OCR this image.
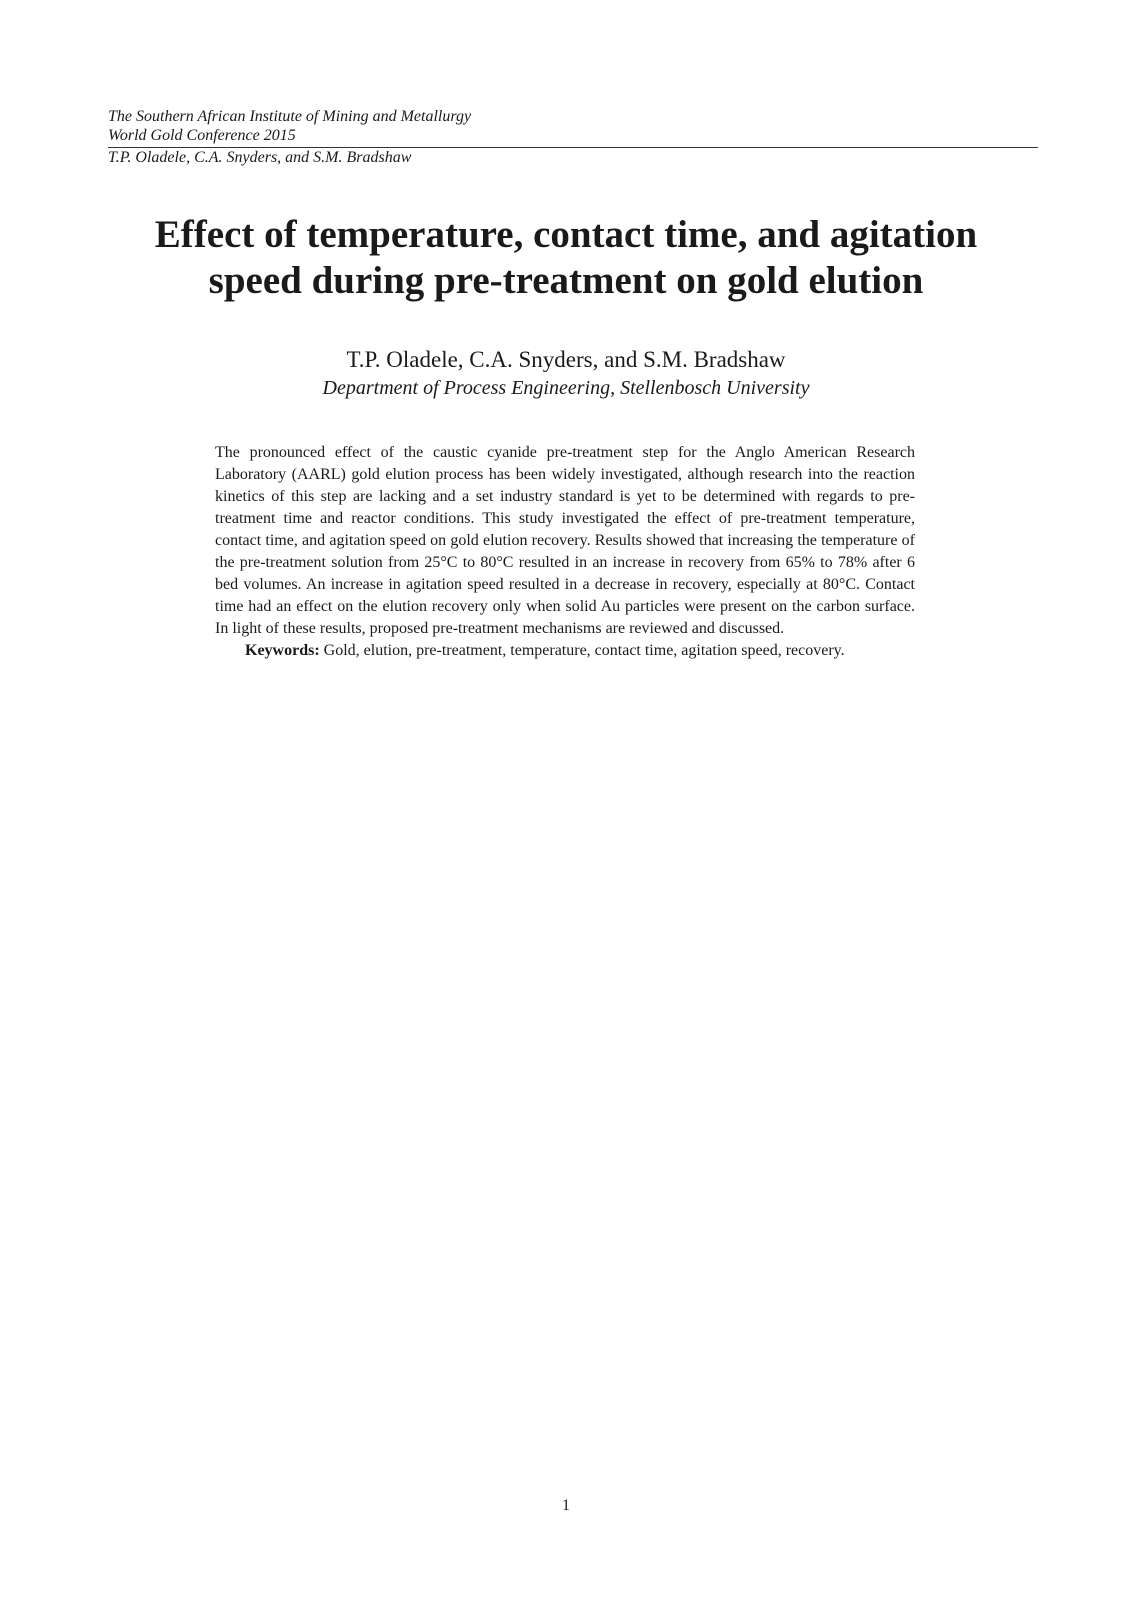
The Southern African Institute of Mining and Metallurgy
World Gold Conference 2015
T.P. Oladele, C.A. Snyders, and S.M. Bradshaw
Effect of temperature, contact time, and agitation
speed during pre-treatment on gold elution
T.P. Oladele, C.A. Snyders, and S.M. Bradshaw
Department of Process Engineering, Stellenbosch University

The pronounced effect of the caustic cyanide pre-treatment step for the Anglo American Research Laboratory (AARL) gold elution process has been widely investigated, although research into the reaction kinetics of this step are lacking and a set industry standard is yet to be determined with regards to pre-treatment time and reactor conditions. This study investigated the effect of pre-treatment temperature, contact time, and agitation speed on gold elution recovery. Results showed that increasing the temperature of the pre-treatment solution from 25°C to 80°C resulted in an increase in recovery from 65% to 78% after 6 bed volumes. An increase in agitation speed resulted in a decrease in recovery, especially at 80°C. Contact time had an effect on the elution recovery only when solid Au particles were present on the carbon surface. In light of these results, proposed pre-treatment mechanisms are reviewed and discussed.

Keywords: Gold, elution, pre-treatment, temperature, contact time, agitation speed, recovery.

1
